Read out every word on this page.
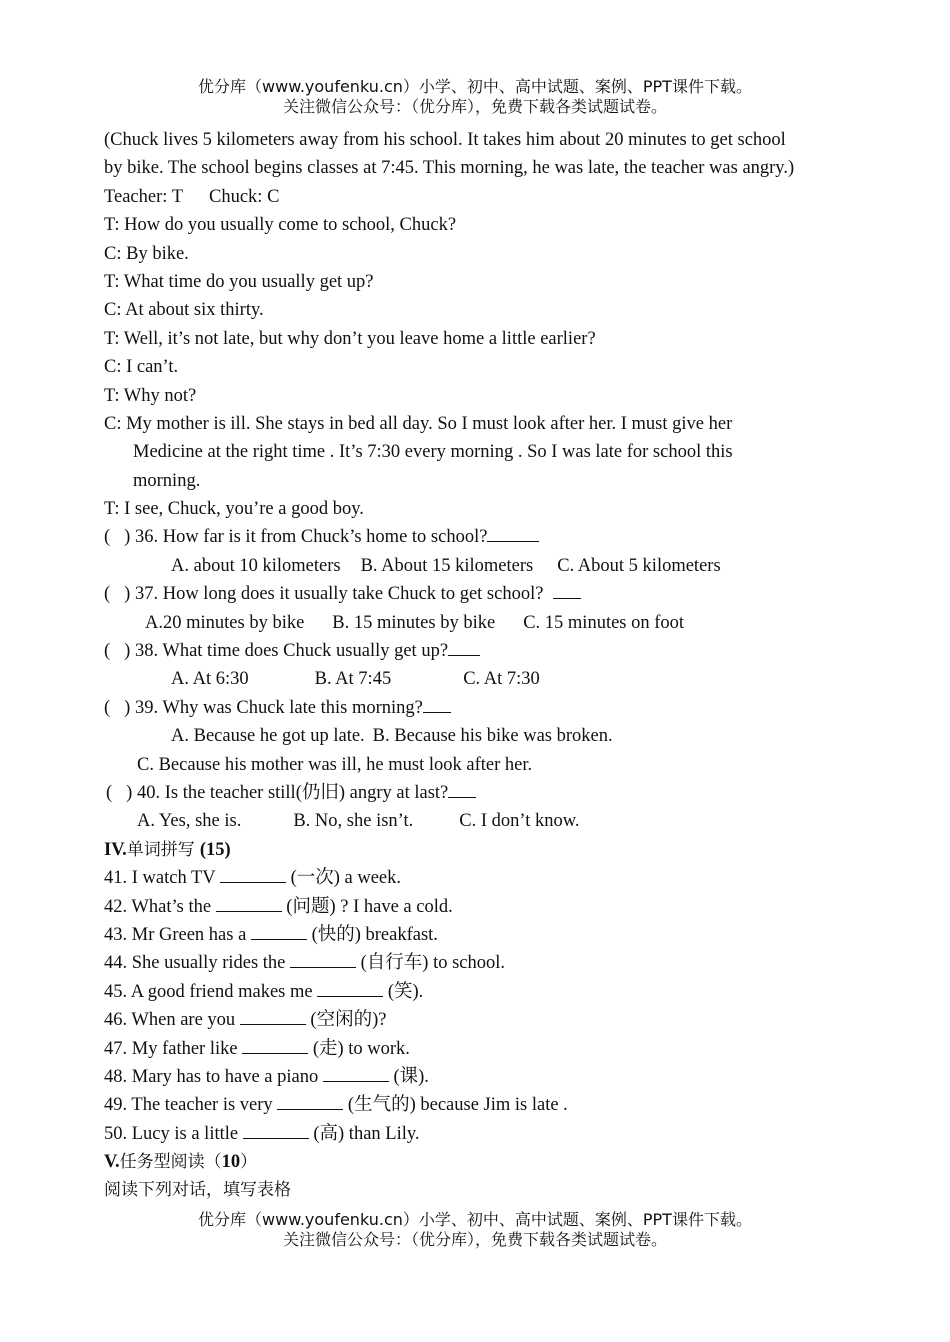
优分库（www.youfenku.cn）小学、初中、高中试题、案例、PPT课件下载。
关注微信公众号：（优分库），免费下载各类试题试卷。
(Chuck lives 5 kilometers away from his school. It takes him about 20 minutes to get school
by bike. The school begins classes at 7:45. This morning, he was late, the teacher was angry.)
Teacher: T Chuck: C
T: How do you usually come to school, Chuck?
C: By bike.
T: What time do you usually get up?
C: At about six thirty.
T: Well, it’s not late, but why don’t you leave home a little earlier?
C: I can’t.
T: Why not?
C: My mother is ill. She stays in bed all day. So I must look after her. I must give her
Medicine at the right time . It’s 7:30 every morning . So I was late for school this
morning.
T: I see, Chuck, you’re a good boy.
( ) 36. How far is it from Chuck’s home to school?
A. about 10 kilometers B. About 15 kilometers C. About 5 kilometers
( ) 37. How long does it usually take Chuck to get school?
A.20 minutes by bike B. 15 minutes by bike C. 15 minutes on foot
( ) 38. What time does Chuck usually get up?
A. At 6:30	B. At 7:45	C. At 7:30
( ) 39. Why was Chuck late this morning?
A. Because he got up late. B. Because his bike was broken.
C. Because his mother was ill, he must look after her.
( ) 40. Is the teacher still(仍旧) angry at last?
A. Yes, she is.	B. No, she isn’t. C. I don’t know.
IV.单词拼写 (15)
41. I watch TV	(一次) a week.
42. What’s the	(问题) ? I have a cold.
43. Mr Green has a	(快的) breakfast.
44. She usually rides the	(自行车) to school.
45. A good friend makes me	(笑).
46. When are you	(空闲的)?
47. My father like	(走) to work.
48. Mary has to have a piano	(课).
49. The teacher is very	(生气的) because Jim is late .
50. Lucy is a little	(高) than Lily.
V.任务型阅读（10）
阅读下列对话，填写表格
优分库（www.youfenku.cn）小学、初中、高中试题、案例、PPT课件下载。
关注微信公众号：（优分库），免费下载各类试题试卷。
